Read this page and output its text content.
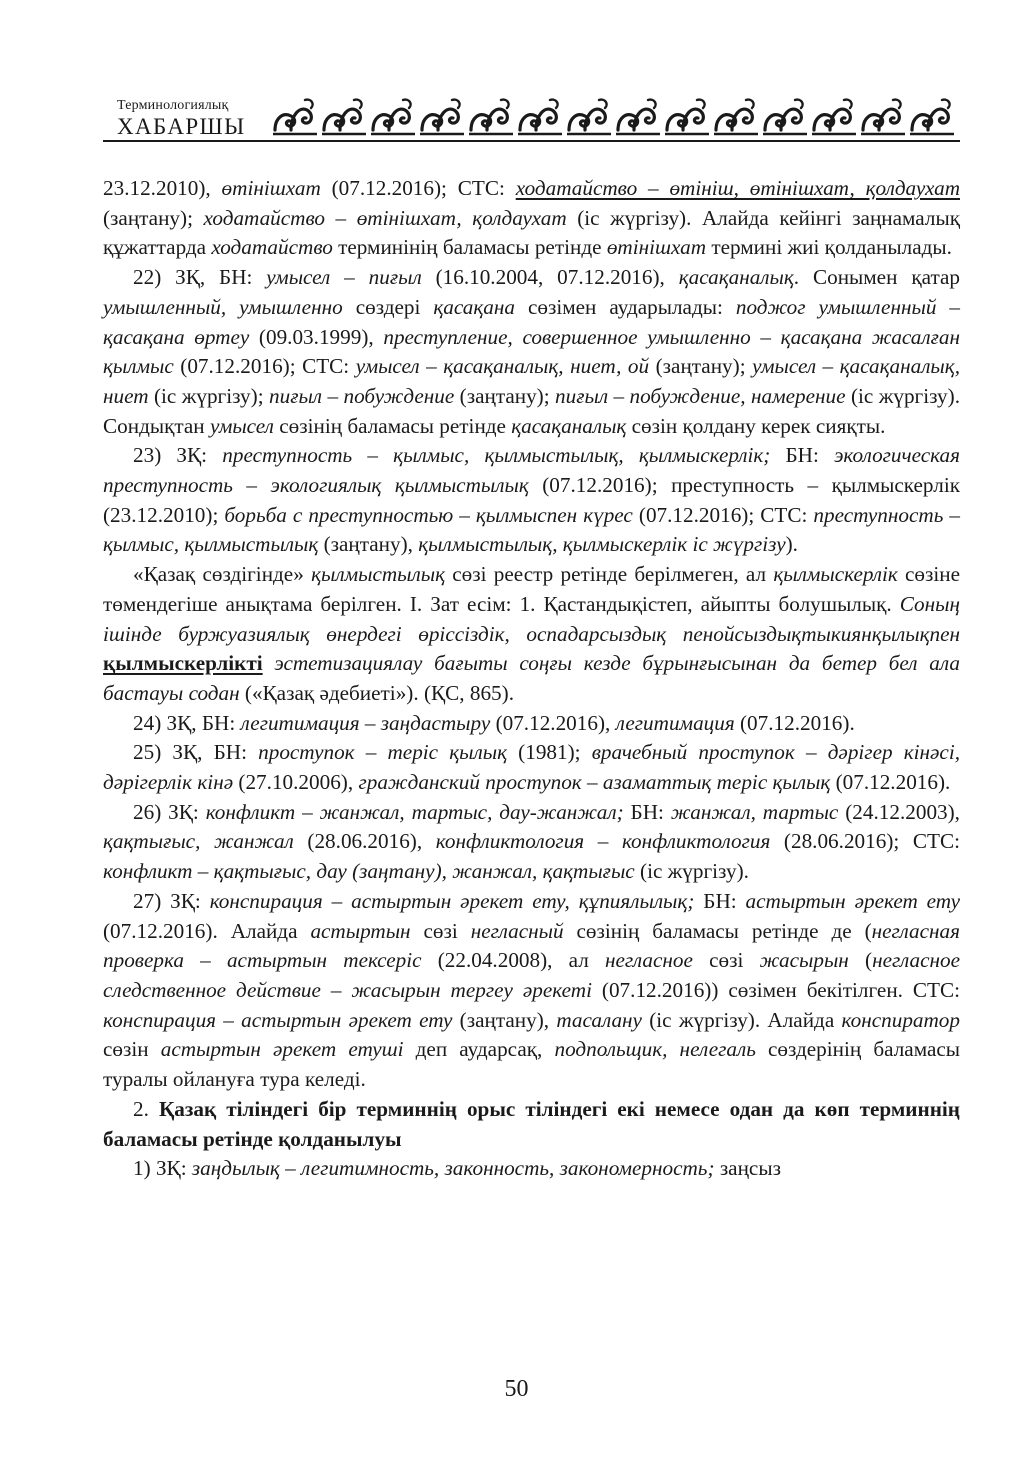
Терминологиялық
ХАБАРШЫ

23.12.2010), өтінішхат (07.12.2016); СТС: ходатайство – өтініш, өтінішхат, қолдаухат (заңтану); ходатайство – өтінішхат, қолдаухат (іс жүргізу). Алайда кейінгі заңнамалық құжаттарда ходатайство терминінің баламасы ретінде өтінішхат термині жиі қолданылады.

22) ЗҚ, БН: умысел – пиғыл (16.10.2004, 07.12.2016), қасақаналық. Сонымен қатар умышленный, умышленно сөздері қасақана сөзімен аударылады: поджог умышленный – қасақана өртеу (09.03.1999), преступление, совершенное умышленно – қасақана жасалған қылмыс (07.12.2016); СТС: умысел – қасақаналық, ниет, ой (заңтану); умысел – қасақаналық, ниет (іс жүргізу); пиғыл – побуждение (заңтану); пиғыл – побуждение, намерение (іс жүргізу). Сондықтан умысел сөзінің баламасы ретінде қасақаналық сөзін қолдану керек сияқты.

23) ЗҚ: преступность – қылмыс, қылмыстылық, қылмыскерлік; БН: экологическая преступность – экологиялық қылмыстылық (07.12.2016); преступность – қылмыскерлік (23.12.2010); борьба с преступностью – қылмыспен күрес (07.12.2016); СТС: преступность – қылмыс, қылмыстылық (заңтану), қылмыстылық, қылмыскерлік іс жүргізу).

«Қазақ сөздігінде» қылмыстылық сөзі реестр ретінде берілмеген, ал қылмыскерлік сөзіне төмендегіше анықтама берілген. І. Зат есім: 1. Қастандықістеп, айыпты болушылық. Соның ішінде буржуазиялық өнердегі өріссіздік, оспадарсыздық пенойсыздықтыкиянқылықпен қылмыскерлікті эстетизациялау бағыты соңғы кезде бұрынғысынан да бетер бел ала бастауы содан («Қазақ әдебиеті»). (ҚС, 865).

24) ЗҚ, БН: легитимация – заңдастыру (07.12.2016), легитимация (07.12.2016).

25) ЗҚ, БН: проступок – теріс қылық (1981); врачебный проступок – дәрігер кінәсі, дәрігерлік кінә (27.10.2006), гражданский проступок – азаматтық теріс қылық (07.12.2016).

26) ЗҚ: конфликт – жанжал, тартыс, дау-жанжал; БН: жанжал, тартыс (24.12.2003), қақтығыс, жанжал (28.06.2016), конфликтология – конфликтология (28.06.2016); СТС: конфликт – қақтығыс, дау (заңтану), жанжал, қақтығыс (іс жүргізу).

27) ЗҚ: конспирация – астыртын әрекет ету, құпиялылық; БН: астыртын әрекет ету (07.12.2016). Алайда астыртын сөзі негласный сөзінің баламасы ретінде де (негласная проверка – астыртын тексеріс (22.04.2008), ал негласное сөзі жасырын (негласное следственное действие – жасырын тергеу әрекеті (07.12.2016)) сөзімен бекітілген. СТС: конспирация – астыртын әрекет ету (заңтану), тасалану (іс жүргізу). Алайда конспиратор сөзін астыртын әрекет етуші деп аударсақ, подпольщик, нелегаль сөздерінің баламасы туралы ойлануға тура келеді.

2. Қазақ тіліндегі бір терминнің орыс тіліндегі екі немесе одан да көп терминнің баламасы ретінде қолданылуы

1) ЗҚ: заңдылық – легитимность, законность, закономерность; заңсыз

50
